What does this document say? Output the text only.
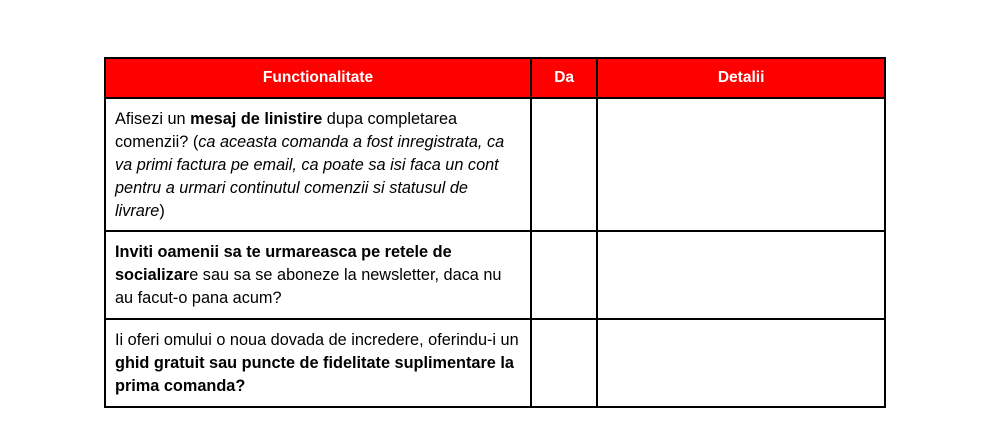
Functionalitate	Da	Detalii
Afisezi un mesaj de linistire dupa completarea comenzii? (ca aceasta comanda a fost inregistrata, ca va primi factura pe email, ca poate sa isi faca un cont pentru a urmari continutul comenzii si statusul de livrare)		
Inviti oamenii sa te urmareasca pe retele de socializare sau sa se aboneze la newsletter, daca nu au facut-o pana acum?		
Ii oferi omului o noua dovada de incredere, oferindu-i un ghid gratuit sau puncte de fidelitate suplimentare la prima comanda?		
